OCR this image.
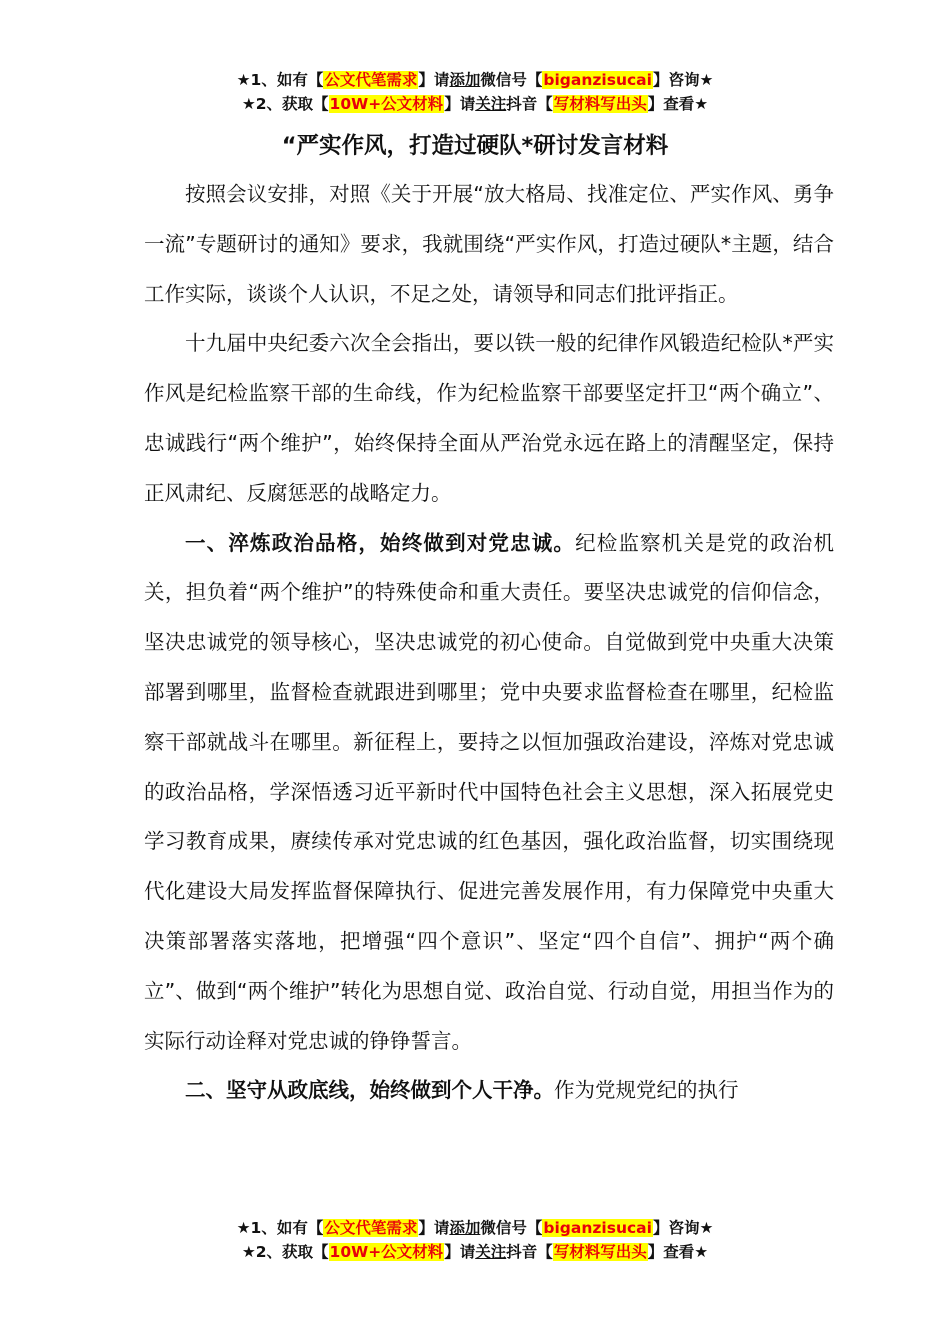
★1、如有【公文代笔需求】请添加微信号【biganzisucai】咨询★
★2、获取【10W+公文材料】请关注抖音【写材料写出头】查看★
“严实作风，打造过硬队*研讨发言材料

按照会议安排，对照《关于开展“放大格局、找准定位、严实作风、勇争一流”专题研讨的通知》要求，我就围绕“严实作风，打造过硬队*主题，结合工作实际，谈谈个人认识，不足之处，请领导和同志们批评指正。

十九届中央纪委六次全会指出，要以铁一般的纪律作风锻造纪检队*严实作风是纪检监察干部的生命线，作为纪检监察干部要坚定扞卫“两个确立”、忠诚践行“两个维护”，始终保持全面从严治党永远在路上的清醒坚定，保持正风肃纪、反腐惩恶的战略定力。

一、淬炼政治品格，始终做到对党忠诚。纪检监察机关是党的政治机关，担负着“两个维护”的特殊使命和重大责任。要坚决忠诚党的信仰信念，坚决忠诚党的领导核心，坚决忠诚党的初心使命。自觉做到党中央重大决策部署到哪里，监督检查就跟进到哪里；党中央要求监督检查在哪里，纪检监察干部就战斗在哪里。新征程上，要持之以恒加强政治建设，淬炼对党忠诚的政治品格，学深悟透习近平新时代中国特色社会主义思想，深入拓展党史学习教育成果，赓续传承对党忠诚的红色基因，强化政治监督，切实围绕现代化建设大局发挥监督保障执行、促进完善发展作用，有力保障党中央重大决策部署落实落地，把增强“四个意识”、坚定“四个自信”、拥护“两个确立”、做到“两个维护”转化为思想自觉、政治自觉、行动自觉，用担当作为的实际行动诠释对党忠诚的铮铮誓言。

二、坚守从政底线，始终做到个人干净。作为党规党纪的执行

★1、如有【公文代笔需求】请添加微信号【biganzisucai】咨询★
★2、获取【10W+公文材料】请关注抖音【写材料写出头】查看★
